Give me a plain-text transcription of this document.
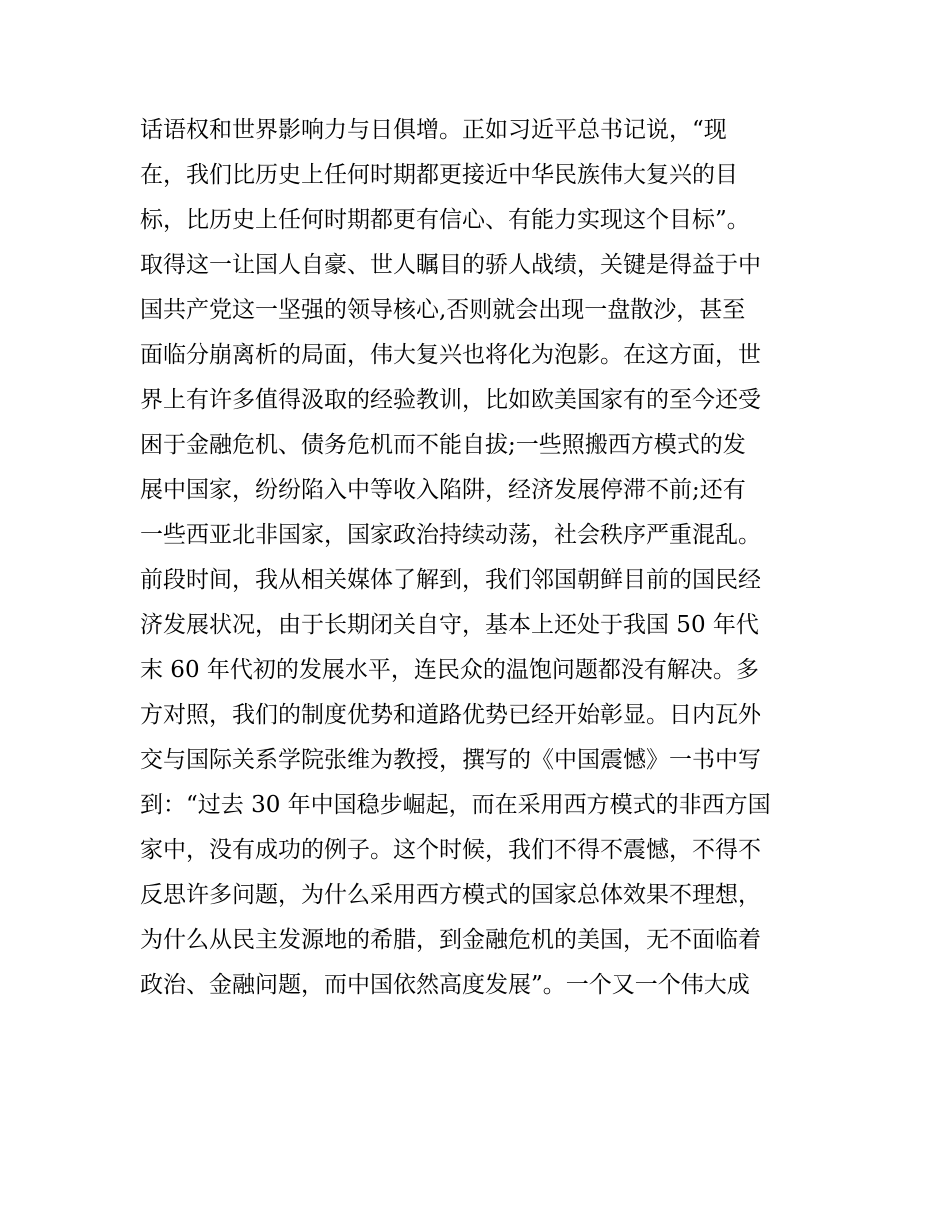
话语权和世界影响力与日俱增。正如习近平总书记说，“现
在，我们比历史上任何时期都更接近中华民族伟大复兴的目
标，比历史上任何时期都更有信心、有能力实现这个目标”。
取得这一让国人自豪、世人瞩目的骄人战绩，关键是得益于中
国共产党这一坚强的领导核心,否则就会出现一盘散沙，甚至
面临分崩离析的局面，伟大复兴也将化为泡影。在这方面，世
界上有许多值得汲取的经验教训，比如欧美国家有的至今还受
困于金融危机、债务危机而不能自拔;一些照搬西方模式的发
展中国家，纷纷陷入中等收入陷阱，经济发展停滞不前;还有
一些西亚北非国家，国家政治持续动荡，社会秩序严重混乱。
前段时间，我从相关媒体了解到，我们邻国朝鲜目前的国民经
济发展状况，由于长期闭关自守，基本上还处于我国 50 年代
末 60 年代初的发展水平，连民众的温饱问题都没有解决。多
方对照，我们的制度优势和道路优势已经开始彰显。日内瓦外
交与国际关系学院张维为教授，撰写的《中国震憾》一书中写
到：“过去 30 年中国稳步崛起，而在采用西方模式的非西方国
家中，没有成功的例子。这个时候，我们不得不震憾，不得不
反思许多问题，为什么采用西方模式的国家总体效果不理想，
为什么从民主发源地的希腊，到金融危机的美国，无不面临着
政治、金融问题，而中国依然高度发展”。一个又一个伟大成
